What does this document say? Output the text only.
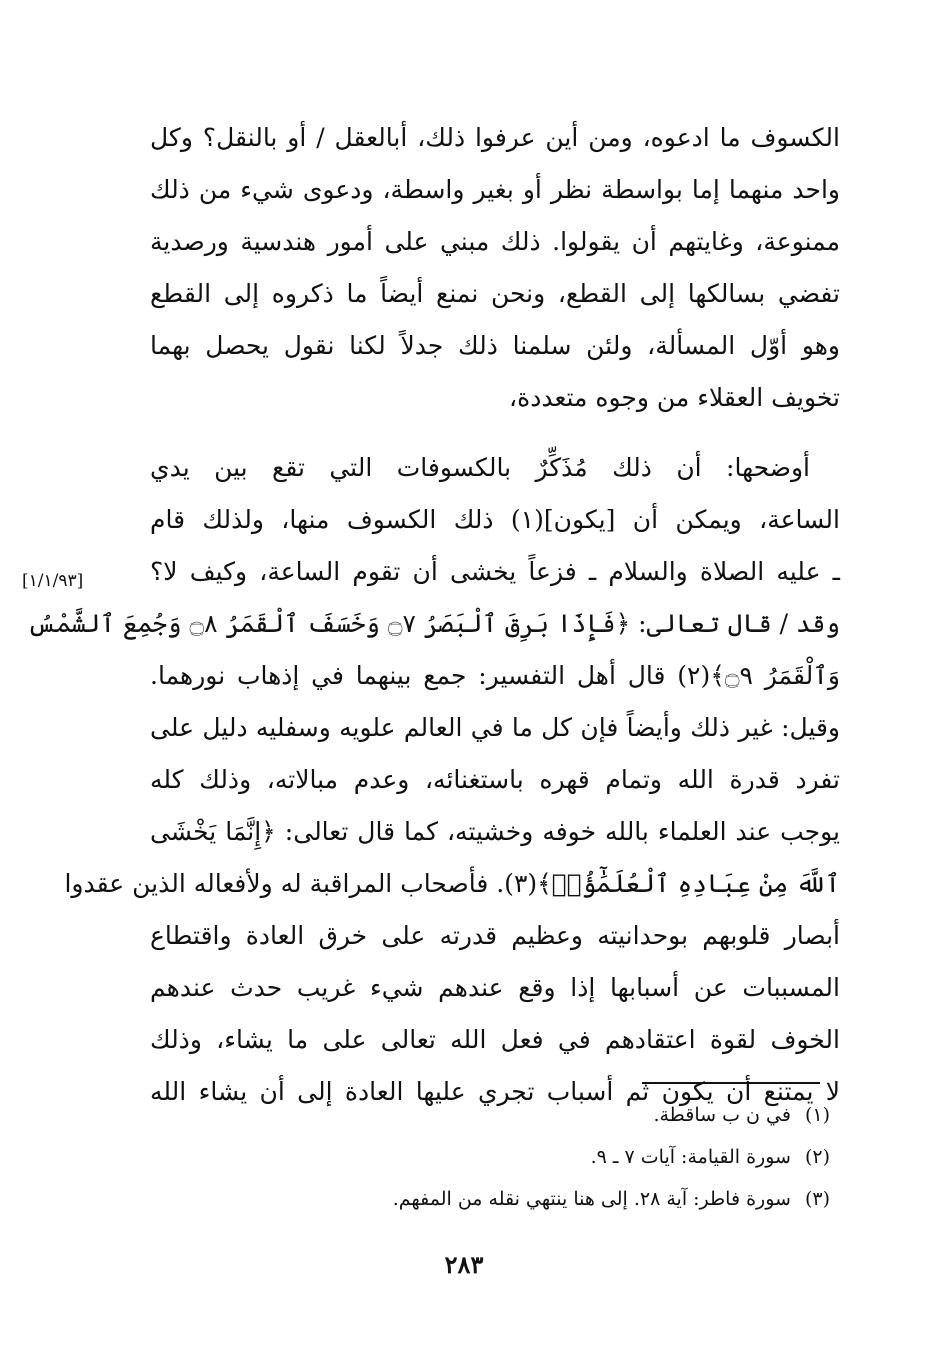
الكسوف ما ادعوه، ومن أين عرفوا ذلك، أبالعقل / أو بالنقل؟ وكل
واحد منهما إما بواسطة نظر أو بغير واسطة، ودعوى شيء من ذلك
ممنوعة، وغايتهم أن يقولوا. ذلك مبني على أمور هندسية ورصدية
تفضي بسالكها إلى القطع، ونحن نمنع أيضاً ما ذكروه إلى القطع
وهو أوّل المسألة، ولئن سلمنا ذلك جدلاً لكنا نقول يحصل بهما
تخويف العقلاء من وجوه متعددة،
أوضحها: أن ذلك مُذَكِّرٌ بالكسوفات التي تقع بين يدي
الساعة، ويمكن أن [يكون](١) ذلك الكسوف منها، ولذلك قام
ـ عليه الصلاة والسلام ـ فزعاً يخشى أن تقوم الساعة، وكيف لا؟
وقد / قال تعالى: ﴿فَإِذَا بَرِقَ ٱلْبَصَرُ ۝٧ وَخَسَفَ ٱلْقَمَرُ ۝٨ وَجُمِعَ ٱلشَّمْسُ
وَٱلْقَمَرُ ۝٩﴾(٢) قال أهل التفسير: جمع بينهما في إذهاب نورهما.
وقيل: غير ذلك وأيضاً فإن كل ما في العالم علويه وسفليه دليل على
تفرد قدرة الله وتمام قهره باستغنائه، وعدم مبالاته، وذلك كله
يوجب عند العلماء بالله خوفه وخشيته، كما قال تعالى: ﴿إِنَّمَا يَخْشَى
ٱللَّهَ مِنْ عِبَادِهِ ٱلْعُلَمَٰٓؤُا۟﴾(٣). فأصحاب المراقبة له ولأفعاله الذين عقدوا
أبصار قلوبهم بوحدانيته وعظيم قدرته على خرق العادة واقتطاع
المسببات عن أسبابها إذا وقع عندهم شيء غريب حدث عندهم
الخوف لقوة اعتقادهم في فعل الله تعالى على ما يشاء، وذلك
لا يمتنع أن يكون ثم أسباب تجري عليها العادة إلى أن يشاء الله
[١/١/٩٣]
(١)في ن ب ساقطة.
(٢)سورة القيامة: آيات ٧ ـ ٩.
(٣)سورة فاطر: آية ٢٨. إلى هنا ينتهي نقله من المفهم.
٢٨٣
